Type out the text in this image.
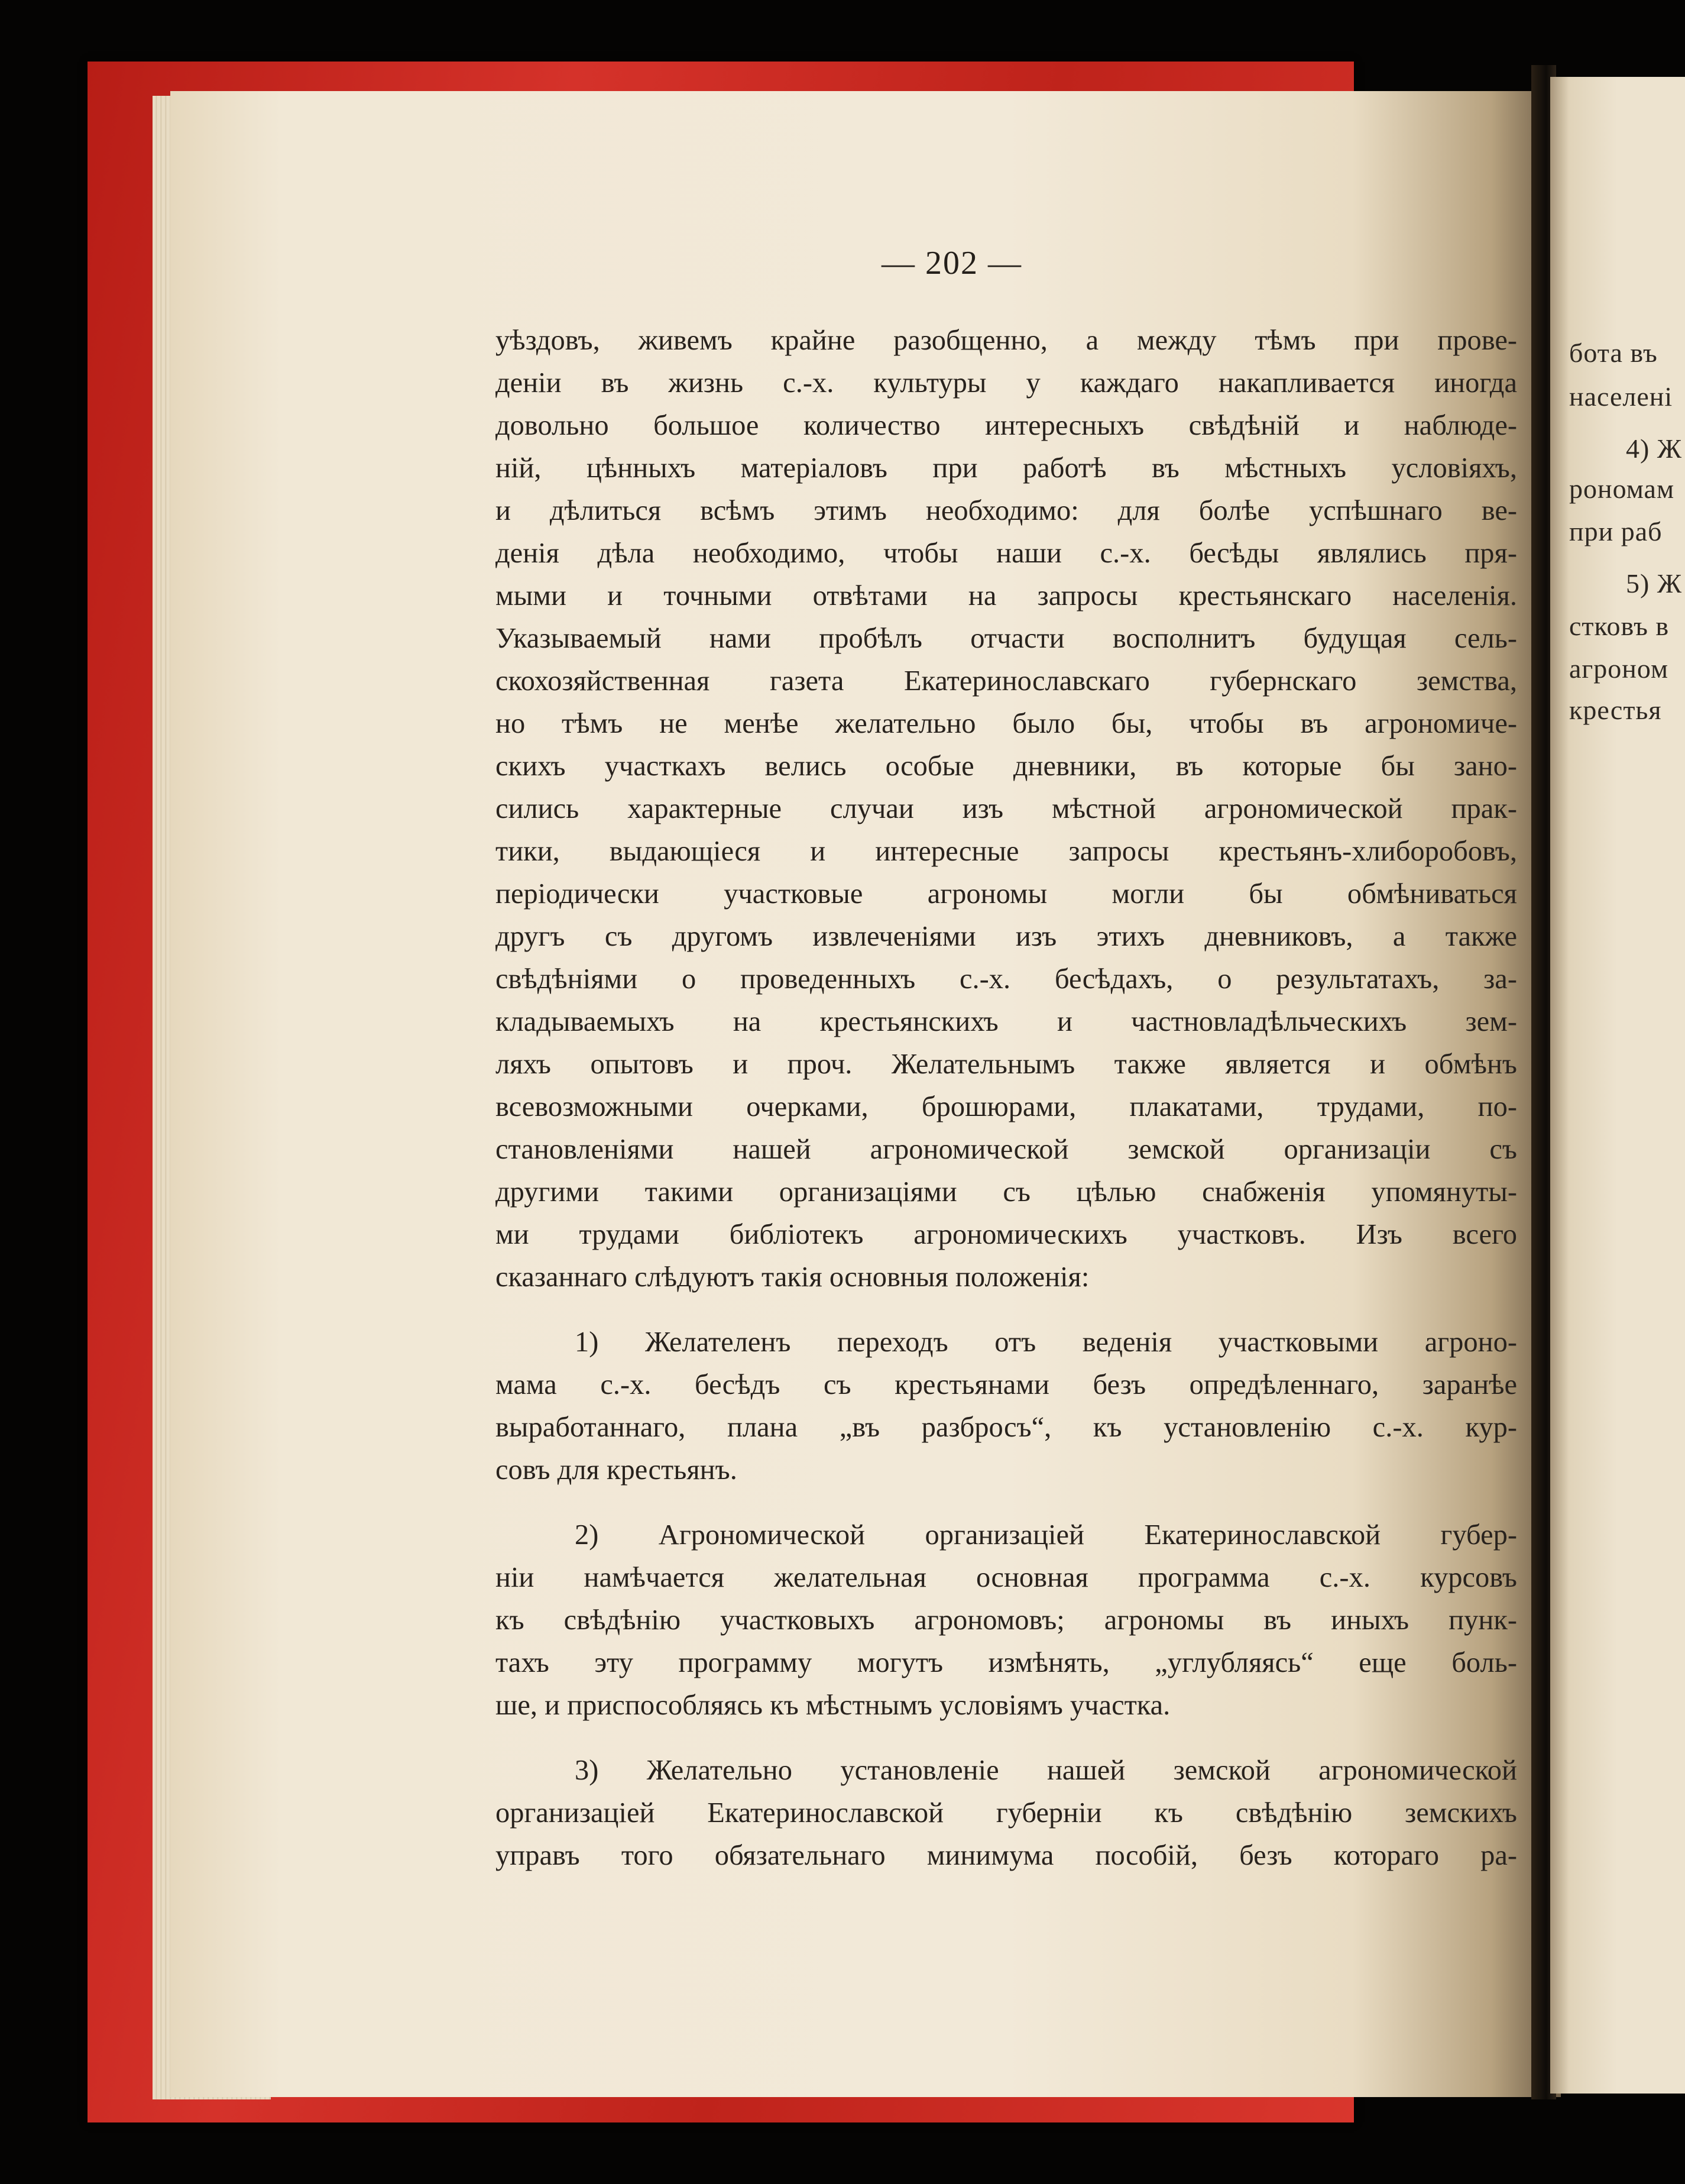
бота въ
населені
4) Ж
рономам
при раб
5) Ж
стковъ в
агроном
крестья
— 202 —
уѣздовъ, живемъ крайне разобщенно, а между тѣмъ при прове-
деніи въ жизнь с.-х. культуры у каждаго накапливается иногда
довольно большое количество интересныхъ свѣдѣній и наблюде-
ній, цѣнныхъ матеріаловъ при работѣ въ мѣстныхъ условіяхъ,
и дѣлиться всѣмъ этимъ необходимо: для болѣе успѣшнаго ве-
денія дѣла необходимо, чтобы наши с.-х. бесѣды являлись пря-
мыми и точными отвѣтами на запросы крестьянскаго населенія.
Указываемый нами пробѣлъ отчасти восполнитъ будущая сель-
скохозяйственная газета Екатеринославскаго губернскаго земства,
но тѣмъ не менѣе желательно было бы, чтобы въ агрономиче-
скихъ участкахъ велись особые дневники, въ которые бы зано-
сились характерные случаи изъ мѣстной агрономической прак-
тики, выдающіеся и интересные запросы крестьянъ-хлиборобовъ,
періодически участковые агрономы могли бы обмѣниваться
другъ съ другомъ извлеченіями изъ этихъ дневниковъ, а также
свѣдѣніями о проведенныхъ с.-х. бесѣдахъ, о результатахъ, за-
кладываемыхъ на крестьянскихъ и частновладѣльческихъ зем-
ляхъ опытовъ и проч. Желательнымъ также является и обмѣнъ
всевозможными очерками, брошюрами, плакатами, трудами, по-
становленіями нашей агрономической земской организаціи съ
другими такими организаціями съ цѣлью снабженія упомянуты-
ми трудами библіотекъ агрономическихъ участковъ. Изъ всего
сказаннаго слѣдуютъ такія основныя положенія:
1) Желателенъ переходъ отъ веденія участковыми агроно-
мама с.-х. бесѣдъ съ крестьянами безъ опредѣленнаго, заранѣе
выработаннаго, плана „въ разбросъ“, къ установленію с.-х. кур-
совъ для крестьянъ.
2) Агрономической организаціей Екатеринославской губер-
ніи намѣчается желательная основная программа с.-х. курсовъ
къ свѣдѣнію участковыхъ агрономовъ; агрономы въ иныхъ пунк-
тахъ эту программу могутъ измѣнять, „углубляясь“ еще боль-
ше, и приспособляясь къ мѣстнымъ условіямъ участка.
3) Желательно установленіе нашей земской агрономической
организаціей Екатеринославской губерніи къ свѣдѣнію земскихъ
управъ того обязательнаго минимума пособій, безъ котораго ра-
